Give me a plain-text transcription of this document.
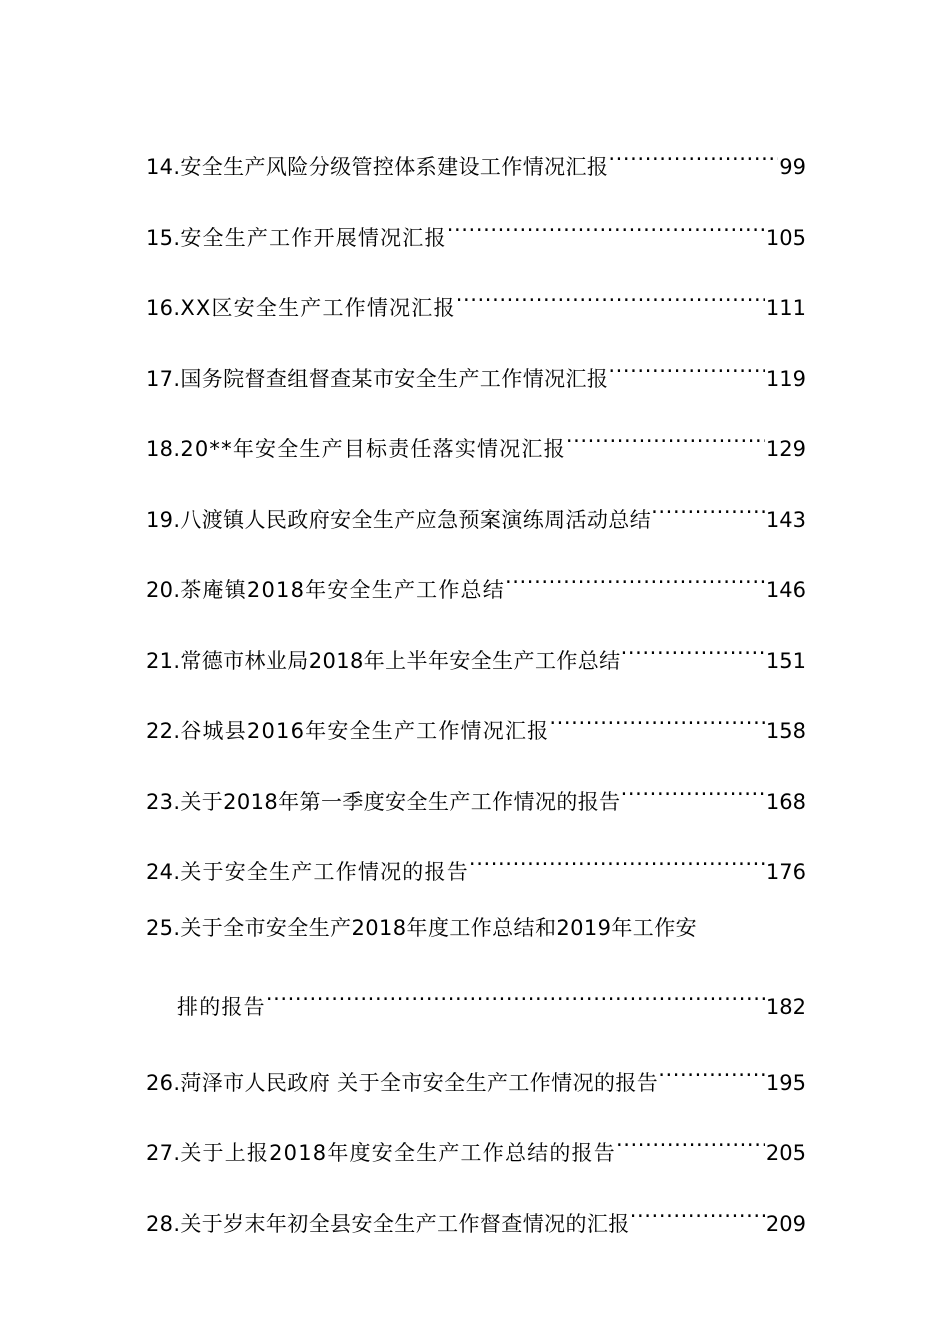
14. 安全生产风险分级管控体系建设工作情况汇报 .....	99
15. 安全生产工作开展情况汇报 .....	105
16. XX区安全生产工作情况汇报 .....	111
17. 国务院督查组督查某市安全生产工作情况汇报 .....	119
18. 20**年安全生产目标责任落实情况汇报 .....	129
19. 八渡镇人民政府安全生产应急预案演练周活动总结 .....	143
20. 茶庵镇2018年安全生产工作总结 .....	146
21. 常德市林业局2018年上半年安全生产工作总结 .....	151
22. 谷城县2016年安全生产工作情况汇报 .....	158
23. 关于2018年第一季度安全生产工作情况的报告 .....	168
24. 关于安全生产工作情况的报告 .....	176
25. 关于全市安全生产2018年度工作总结和2019年工作安
排的报告 .....	182
26. 菏泽市人民政府 关于全市安全生产工作情况的报告 .....	195
27. 关于上报2018年度安全生产工作总结的报告 .....	205
28. 关于岁末年初全县安全生产工作督查情况的汇报 .....	209
